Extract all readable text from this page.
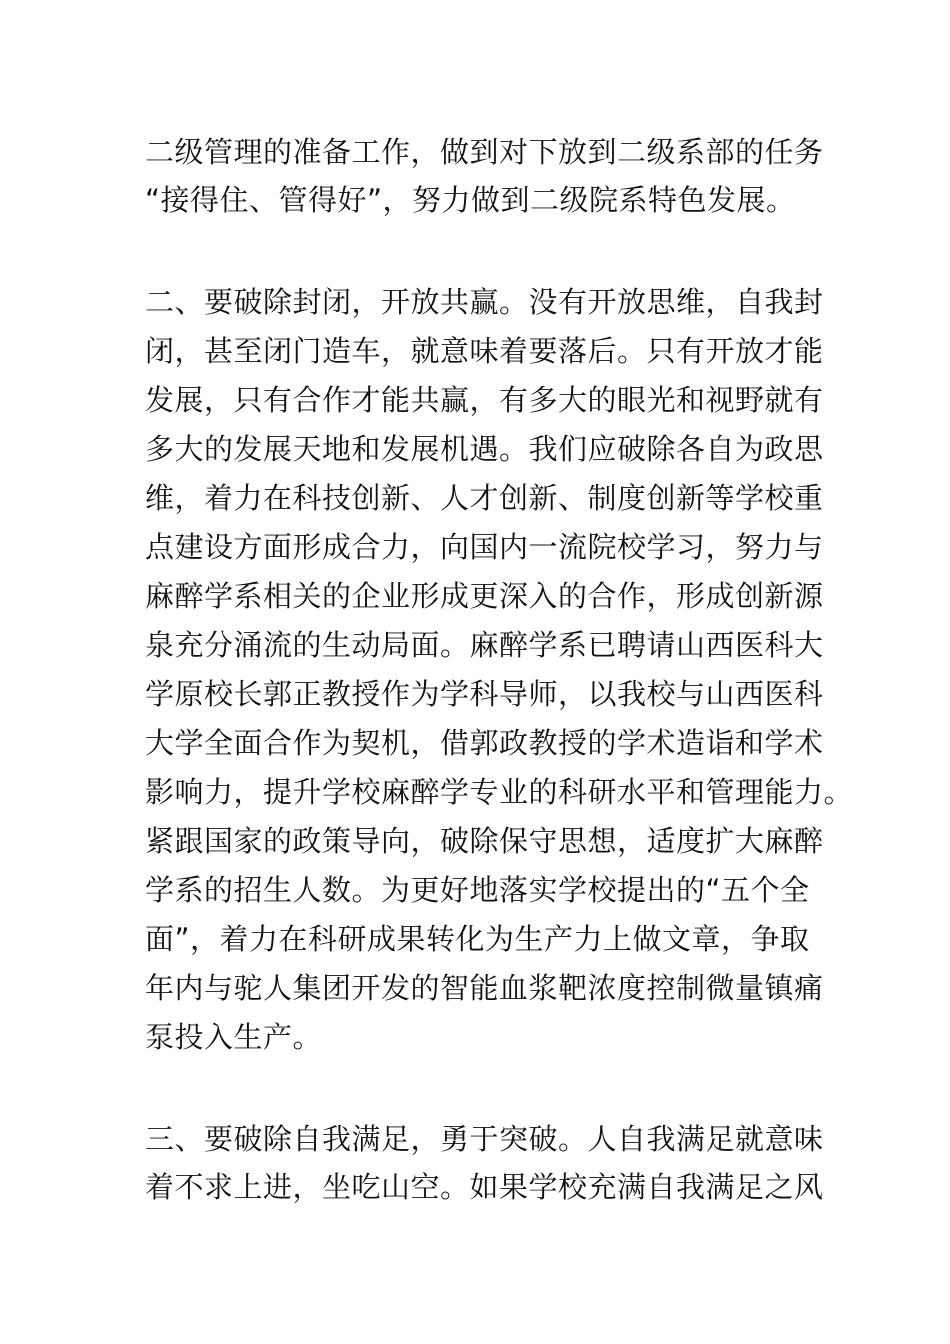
二级管理的准备工作，做到对下放到二级系部的任务
“接得住、管得好”，努力做到二级院系特色发展。
二、要破除封闭，开放共赢。没有开放思维，自我封
闭，甚至闭门造车，就意味着要落后。只有开放才能
发展，只有合作才能共赢，有多大的眼光和视野就有
多大的发展天地和发展机遇。我们应破除各自为政思
维，着力在科技创新、人才创新、制度创新等学校重
点建设方面形成合力，向国内一流院校学习，努力与
麻醉学系相关的企业形成更深入的合作，形成创新源
泉充分涌流的生动局面。麻醉学系已聘请山西医科大
学原校长郭正教授作为学科导师，以我校与山西医科
大学全面合作为契机，借郭政教授的学术造诣和学术
影响力，提升学校麻醉学专业的科研水平和管理能力。
紧跟国家的政策导向，破除保守思想，适度扩大麻醉
学系的招生人数。为更好地落实学校提出的“五个全
面”，着力在科研成果转化为生产力上做文章，争取
年内与驼人集团开发的智能血浆靶浓度控制微量镇痛
泵投入生产。
三、要破除自我满足，勇于突破。人自我满足就意味
着不求上进，坐吃山空。如果学校充满自我满足之风
